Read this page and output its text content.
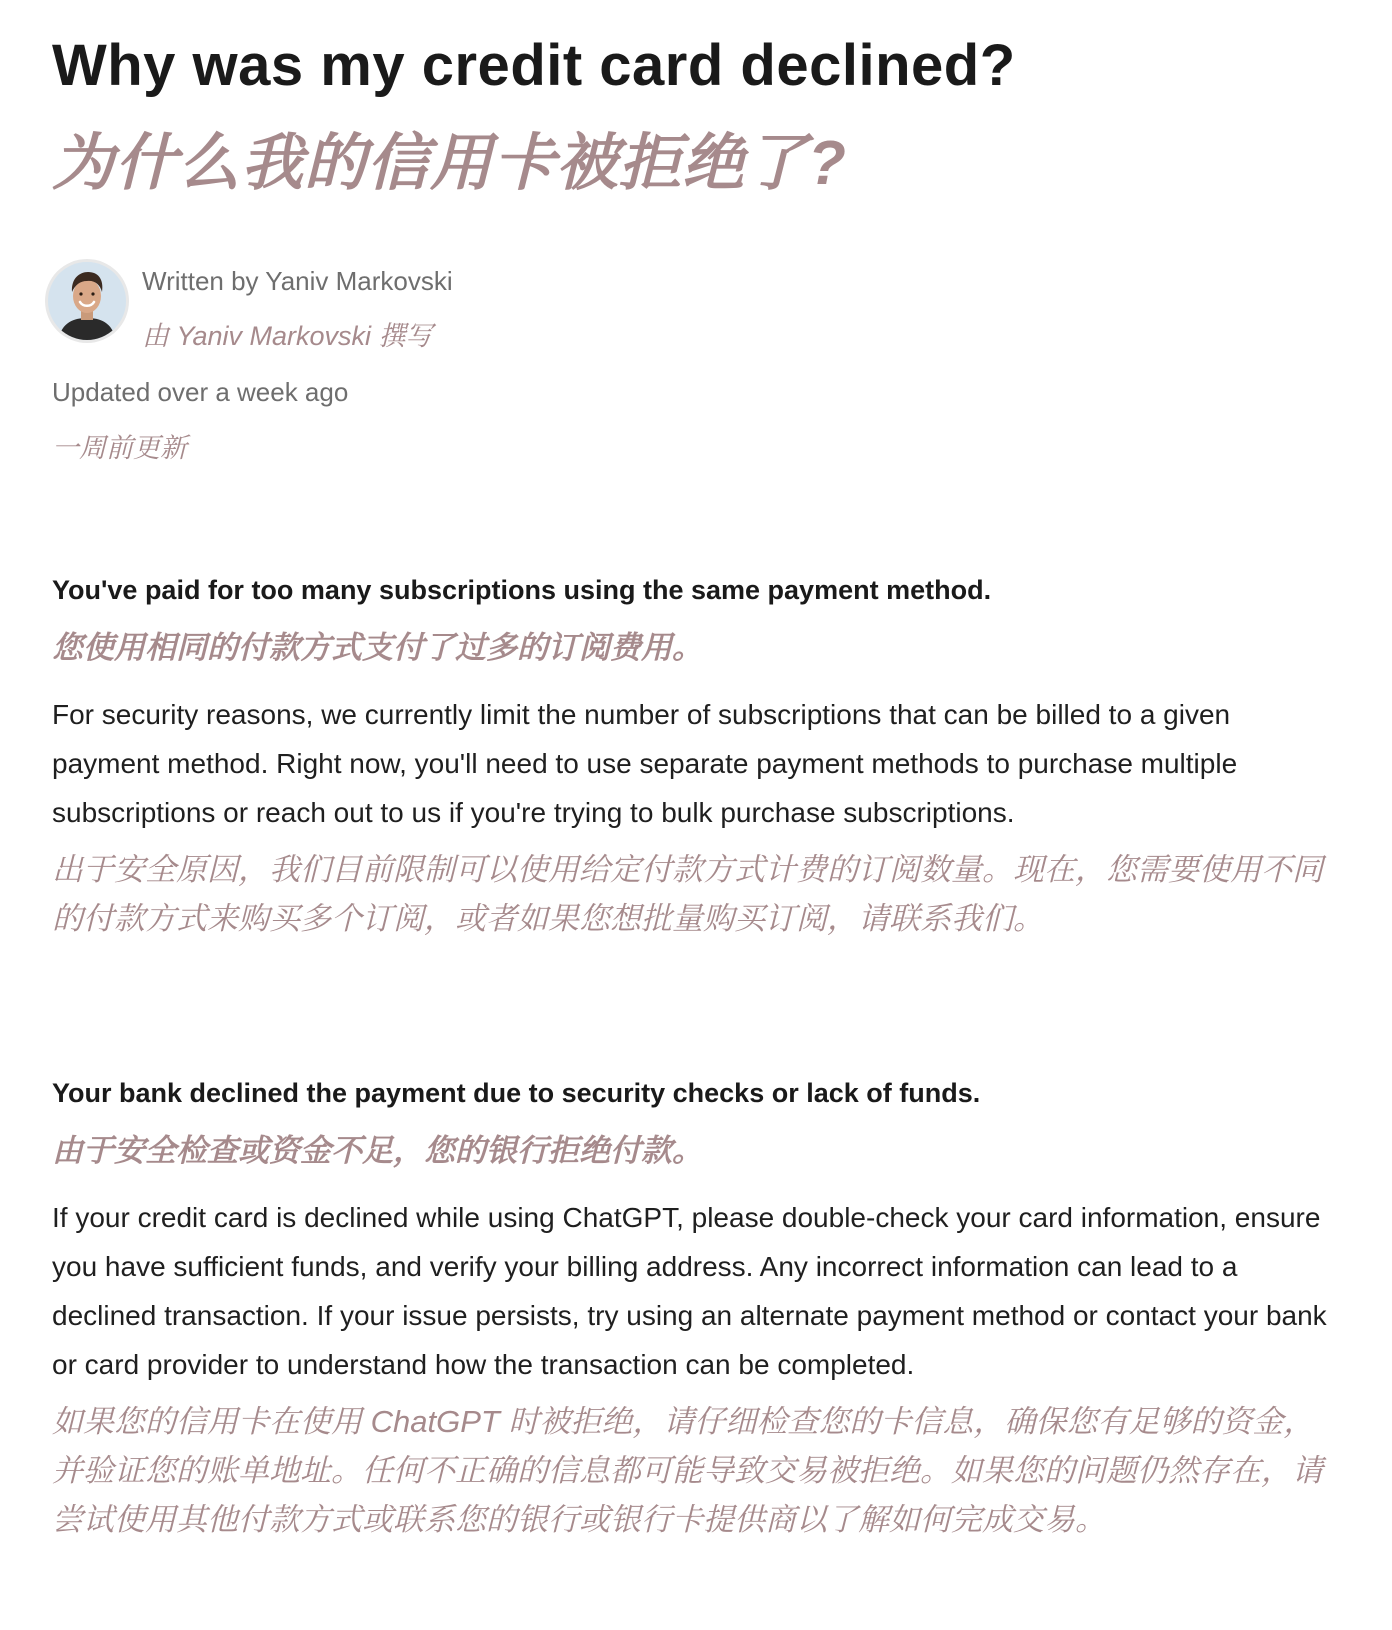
Why was my credit card declined?
为什么我的信用卡被拒绝了?
Written by Yaniv Markovski
由 Yaniv Markovski 撰写
Updated over a week ago
一周前更新
You've paid for too many subscriptions using the same payment method.
您使用相同的付款方式支付了过多的订阅费用。

For security reasons, we currently limit the number of subscriptions that can be billed to a given payment method. Right now, you'll need to use separate payment methods to purchase multiple subscriptions or reach out to us if you're trying to bulk purchase subscriptions.

出于安全原因，我们目前限制可以使用给定付款方式计费的订阅数量。现在，您需要使用不同的付款方式来购买多个订阅，或者如果您想批量购买订阅，请联系我们。

Your bank declined the payment due to security checks or lack of funds.
由于安全检查或资金不足，您的银行拒绝付款。

If your credit card is declined while using ChatGPT, please double-check your card information, ensure you have sufficient funds, and verify your billing address. Any incorrect information can lead to a declined transaction. If your issue persists, try using an alternate payment method or contact your bank or card provider to understand how the transaction can be completed.

如果您的信用卡在使用 ChatGPT 时被拒绝，请仔细检查您的卡信息，确保您有足够的资金，并验证您的账单地址。任何不正确的信息都可能导致交易被拒绝。如果您的问题仍然存在，请尝试使用其他付款方式或联系您的银行或银行卡提供商以了解如何完成交易。
